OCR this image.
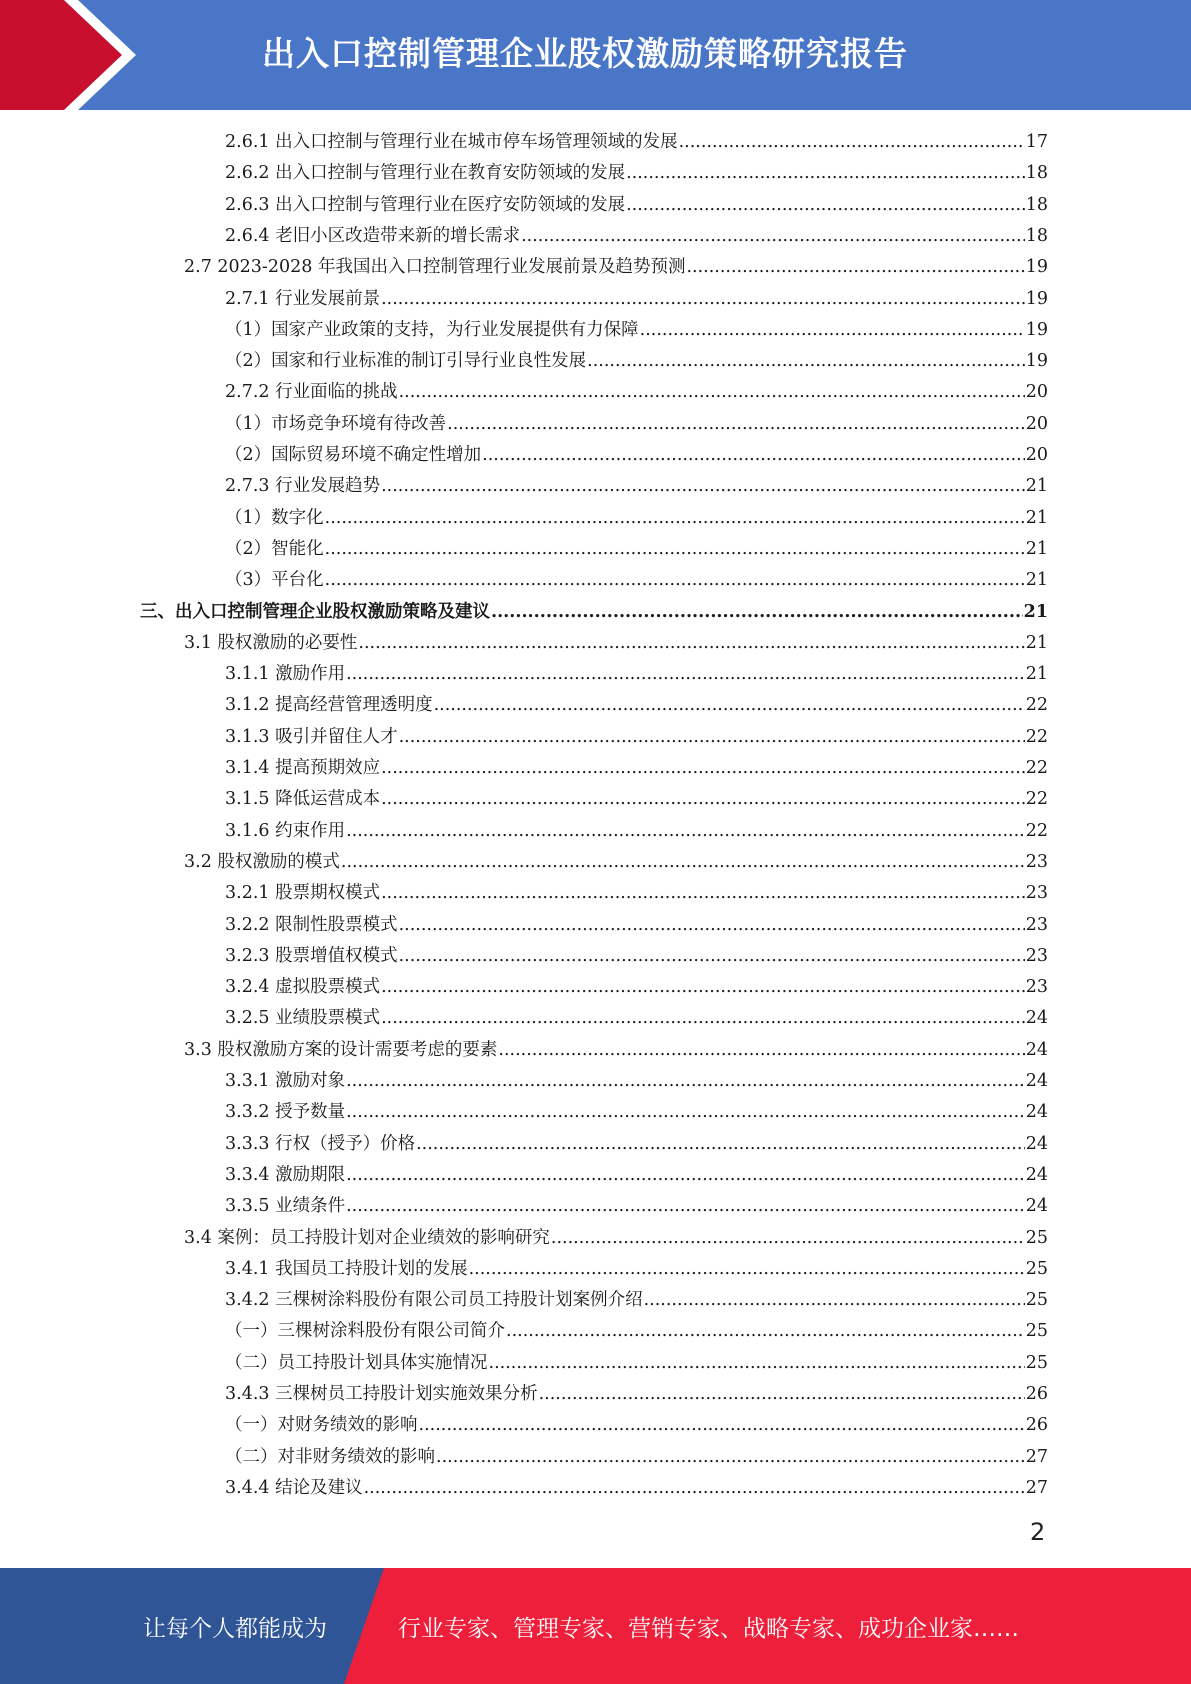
出入口控制管理企业股权激励策略研究报告
2.6.1 出入口控制与管理行业在城市停车场管理领域的发展 .....	17
2.6.2 出入口控制与管理行业在教育安防领域的发展 .....	18
2.6.3 出入口控制与管理行业在医疗安防领域的发展 .....	18
2.6.4 老旧小区改造带来新的增长需求 .....	18
2.7 2023-2028 年我国出入口控制管理行业发展前景及趋势预测 .....	19
2.7.1 行业发展前景 .....	19
（1）国家产业政策的支持，为行业发展提供有力保障 .....	19
（2）国家和行业标准的制订引导行业良性发展 .....	19
2.7.2 行业面临的挑战 .....	20
（1）市场竞争环境有待改善 .....	20
（2）国际贸易环境不确定性增加 .....	20
2.7.3 行业发展趋势 .....	21
（1）数字化 .....	21
（2）智能化 .....	21
（3）平台化 .....	21
三、出入口控制管理企业股权激励策略及建议 .....	21
3.1 股权激励的必要性 .....	21
3.1.1 激励作用 .....	21
3.1.2 提高经营管理透明度 .....	22
3.1.3 吸引并留住人才 .....	22
3.1.4 提高预期效应 .....	22
3.1.5 降低运营成本 .....	22
3.1.6 约束作用 .....	22
3.2 股权激励的模式 .....	23
3.2.1 股票期权模式 .....	23
3.2.2 限制性股票模式 .....	23
3.2.3 股票增值权模式 .....	23
3.2.4 虚拟股票模式 .....	23
3.2.5 业绩股票模式 .....	24
3.3 股权激励方案的设计需要考虑的要素 .....	24
3.3.1 激励对象 .....	24
3.3.2 授予数量 .....	24
3.3.3 行权（授予）价格 .....	24
3.3.4 激励期限 .....	24
3.3.5 业绩条件 .....	24
3.4 案例：员工持股计划对企业绩效的影响研究 .....	25
3.4.1 我国员工持股计划的发展 .....	25
3.4.2 三棵树涂料股份有限公司员工持股计划案例介绍 .....	25
（一）三棵树涂料股份有限公司简介 .....	25
（二）员工持股计划具体实施情况 .....	25
3.4.3 三棵树员工持股计划实施效果分析 .....	26
（一）对财务绩效的影响 .....	26
（二）对非财务绩效的影响 .....	27
3.4.4 结论及建议 .....	27
2
让每个人都能成为	行业专家、管理专家、营销专家、战略专家、成功企业家……
